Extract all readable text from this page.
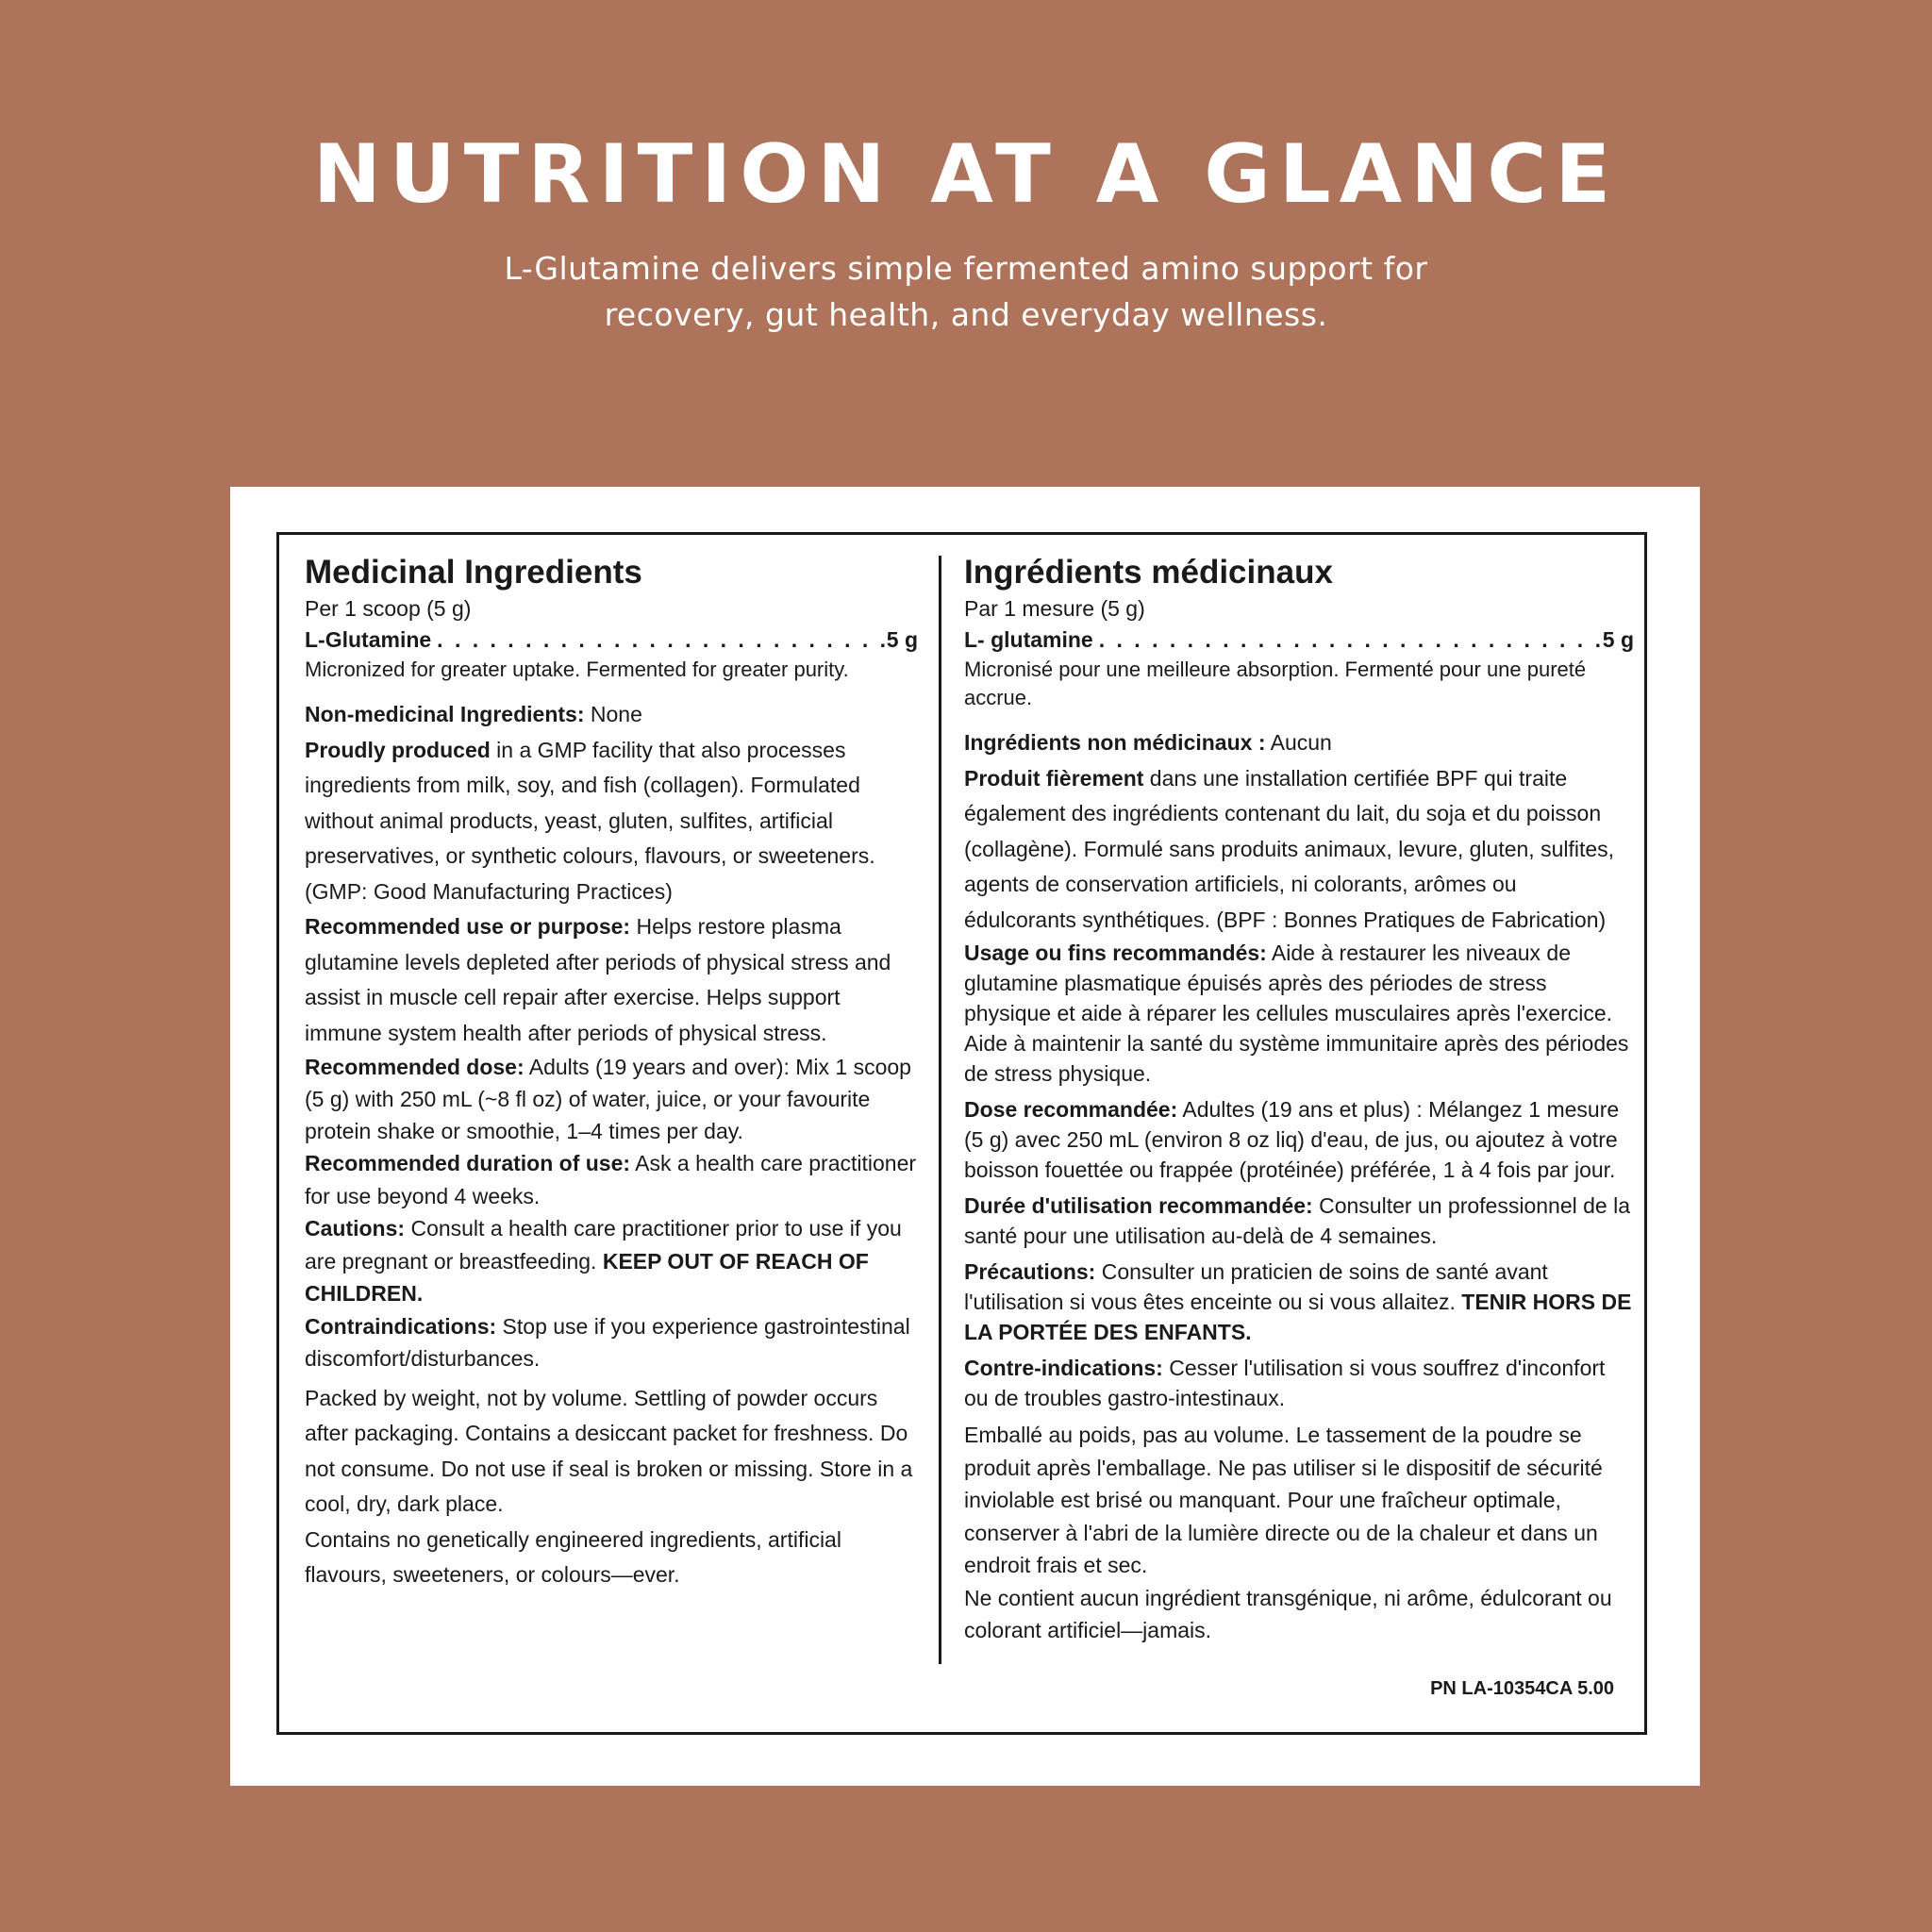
NUTRITION AT A GLANCE
L-Glutamine delivers simple fermented amino support for
recovery, gut health, and everyday wellness.
Medicinal Ingredients
Per 1 scoop (5 g)
L-Glutamine . . .	5 g
Micronized for greater uptake. Fermented for greater purity.

Non-medicinal Ingredients: None

Proudly produced in a GMP facility that also processes ingredients from milk, soy, and fish (collagen). Formulated without animal products, yeast, gluten, sulfites, artificial preservatives, or synthetic colours, flavours, or sweeteners. (GMP: Good Manufacturing Practices)

Recommended use or purpose: Helps restore plasma glutamine levels depleted after periods of physical stress and assist in muscle cell repair after exercise. Helps support immune system health after periods of physical stress.

Recommended dose: Adults (19 years and over): Mix 1 scoop (5 g) with 250 mL (~8 fl oz) of water, juice, or your favourite protein shake or smoothie, 1–4 times per day.

Recommended duration of use: Ask a health care practitioner for use beyond 4 weeks.

Cautions: Consult a health care practitioner prior to use if you are pregnant or breastfeeding. KEEP OUT OF REACH OF CHILDREN.

Contraindications: Stop use if you experience gastrointestinal discomfort/disturbances.

Packed by weight, not by volume. Settling of powder occurs after packaging. Contains a desiccant packet for freshness. Do not consume. Do not use if seal is broken or missing. Store in a cool, dry, dark place.

Contains no genetically engineered ingredients, artificial flavours, sweeteners, or colours—ever.

Ingrédients médicinaux
Par 1 mesure (5 g)
L- glutamine . . .	5 g
Micronisé pour une meilleure absorption. Fermenté pour une pureté accrue.

Ingrédients non médicinaux : Aucun

Produit fièrement dans une installation certifiée BPF qui traite également des ingrédients contenant du lait, du soja et du poisson (collagène). Formulé sans produits animaux, levure, gluten, sulfites, agents de conservation artificiels, ni colorants, arômes ou édulcorants synthétiques. (BPF : Bonnes Pratiques de Fabrication)

Usage ou fins recommandés: Aide à restaurer les niveaux de glutamine plasmatique épuisés après des périodes de stress physique et aide à réparer les cellules musculaires après l'exercice. Aide à maintenir la santé du système immunitaire après des périodes de stress physique.

Dose recommandée: Adultes (19 ans et plus) : Mélangez 1 mesure (5 g) avec 250 mL (environ 8 oz liq) d'eau, de jus, ou ajoutez à votre boisson fouettée ou frappée (protéinée) préférée, 1 à 4 fois par jour.

Durée d'utilisation recommandée: Consulter un professionnel de la santé pour une utilisation au-delà de 4 semaines.

Précautions: Consulter un praticien de soins de santé avant l'utilisation si vous êtes enceinte ou si vous allaitez. TENIR HORS DE LA PORTÉE DES ENFANTS.

Contre-indications: Cesser l'utilisation si vous souffrez d'inconfort ou de troubles gastro-intestinaux.

Emballé au poids, pas au volume. Le tassement de la poudre se produit après l'emballage. Ne pas utiliser si le dispositif de sécurité inviolable est brisé ou manquant. Pour une fraîcheur optimale, conserver à l'abri de la lumière directe ou de la chaleur et dans un endroit frais et sec.

Ne contient aucun ingrédient transgénique, ni arôme, édulcorant ou colorant artificiel—jamais.

PN LA-10354CA 5.00
